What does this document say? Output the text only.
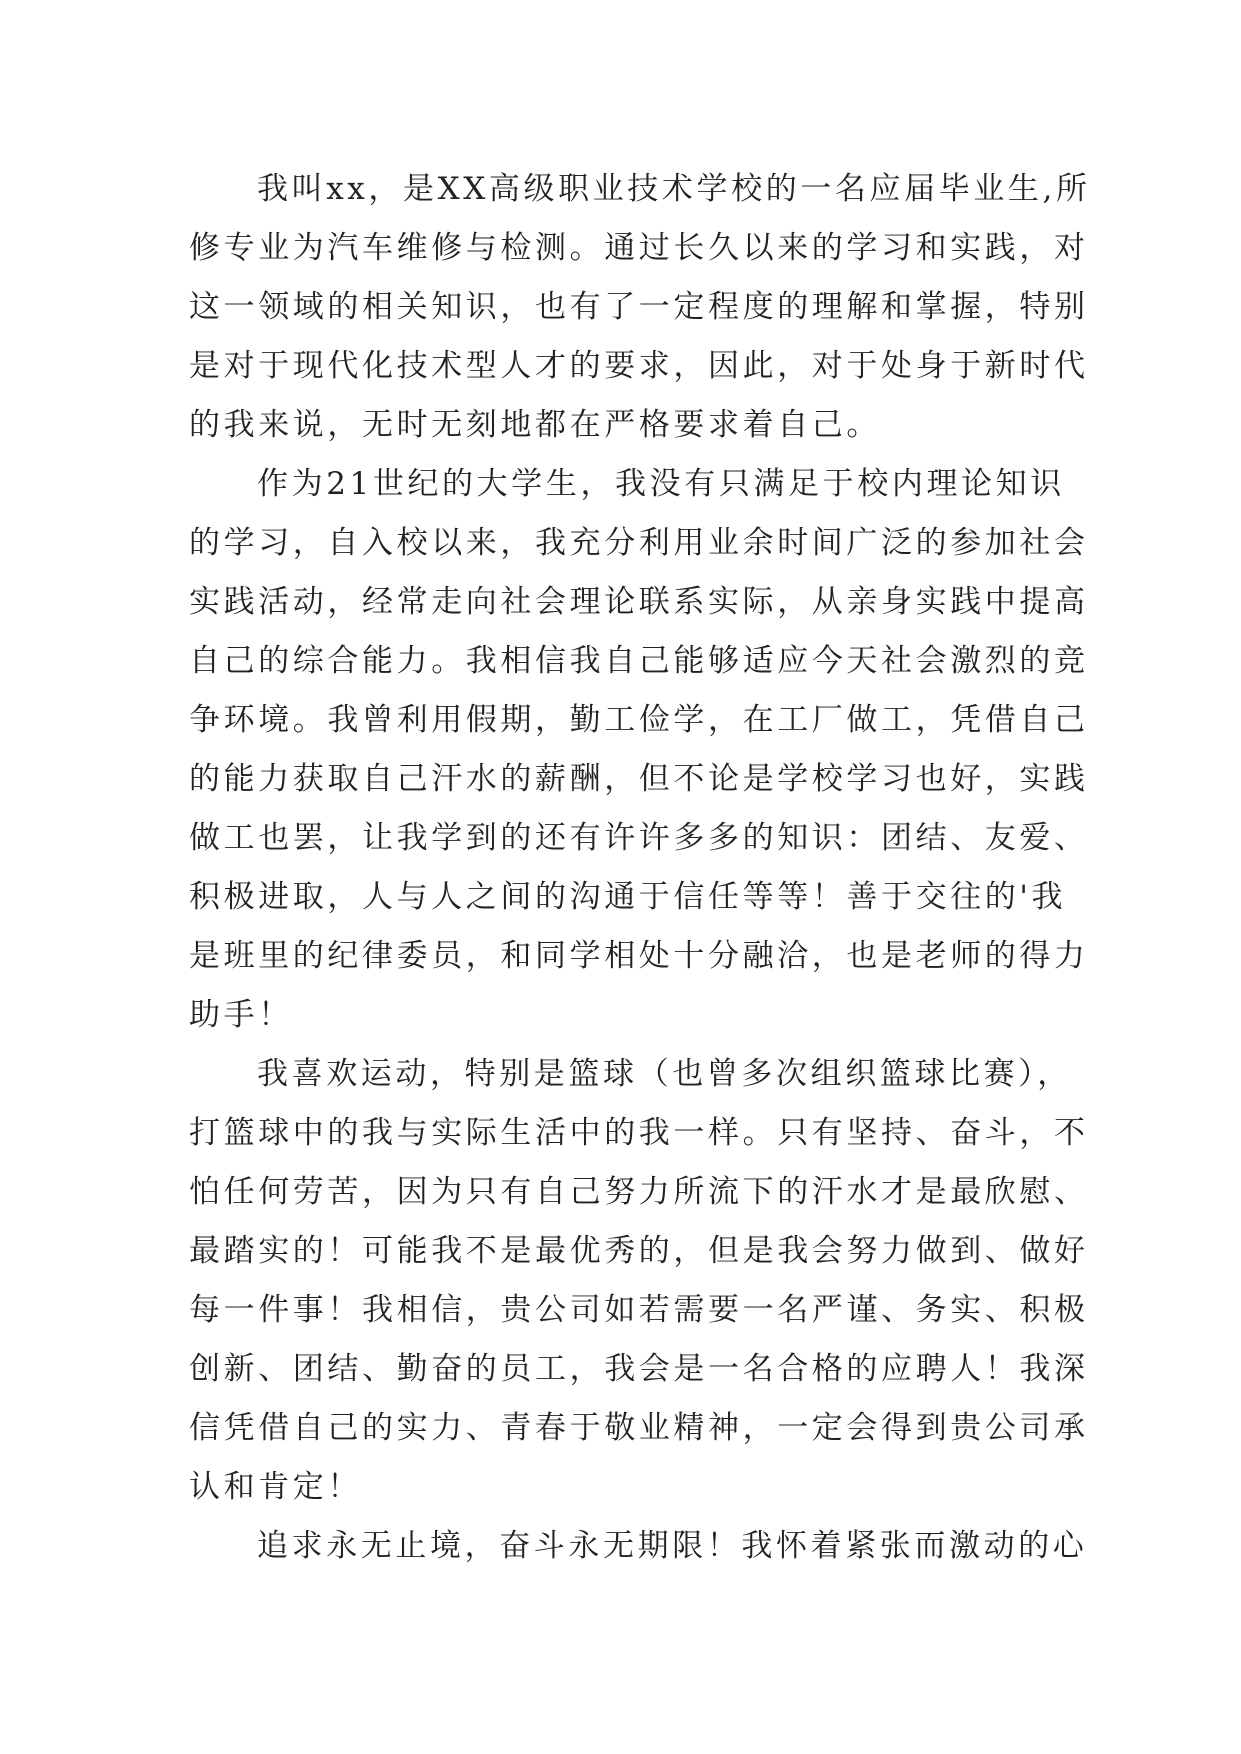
我叫xx，是XX高级职业技术学校的一名应届毕业生,所
修专业为汽车维修与检测。通过长久以来的学习和实践，对
这一领域的相关知识，也有了一定程度的理解和掌握，特别
是对于现代化技术型人才的要求，因此，对于处身于新时代
的我来说，无时无刻地都在严格要求着自己。
作为21世纪的大学生，我没有只满足于校内理论知识
的学习，自入校以来，我充分利用业余时间广泛的参加社会
实践活动，经常走向社会理论联系实际，从亲身实践中提高
自己的综合能力。我相信我自己能够适应今天社会激烈的竞
争环境。我曾利用假期，勤工俭学，在工厂做工，凭借自己
的能力获取自己汗水的薪酬，但不论是学校学习也好，实践
做工也罢，让我学到的还有许许多多的知识：团结、友爱、
积极进取，人与人之间的沟通于信任等等！善于交往的'我
是班里的纪律委员，和同学相处十分融洽，也是老师的得力
助手！
我喜欢运动，特别是篮球（也曾多次组织篮球比赛），
打篮球中的我与实际生活中的我一样。只有坚持、奋斗，不
怕任何劳苦，因为只有自己努力所流下的汗水才是最欣慰、
最踏实的！可能我不是最优秀的，但是我会努力做到、做好
每一件事！我相信，贵公司如若需要一名严谨、务实、积极
创新、团结、勤奋的员工，我会是一名合格的应聘人！我深
信凭借自己的实力、青春于敬业精神，一定会得到贵公司承
认和肯定！
追求永无止境，奋斗永无期限！我怀着紧张而激动的心
